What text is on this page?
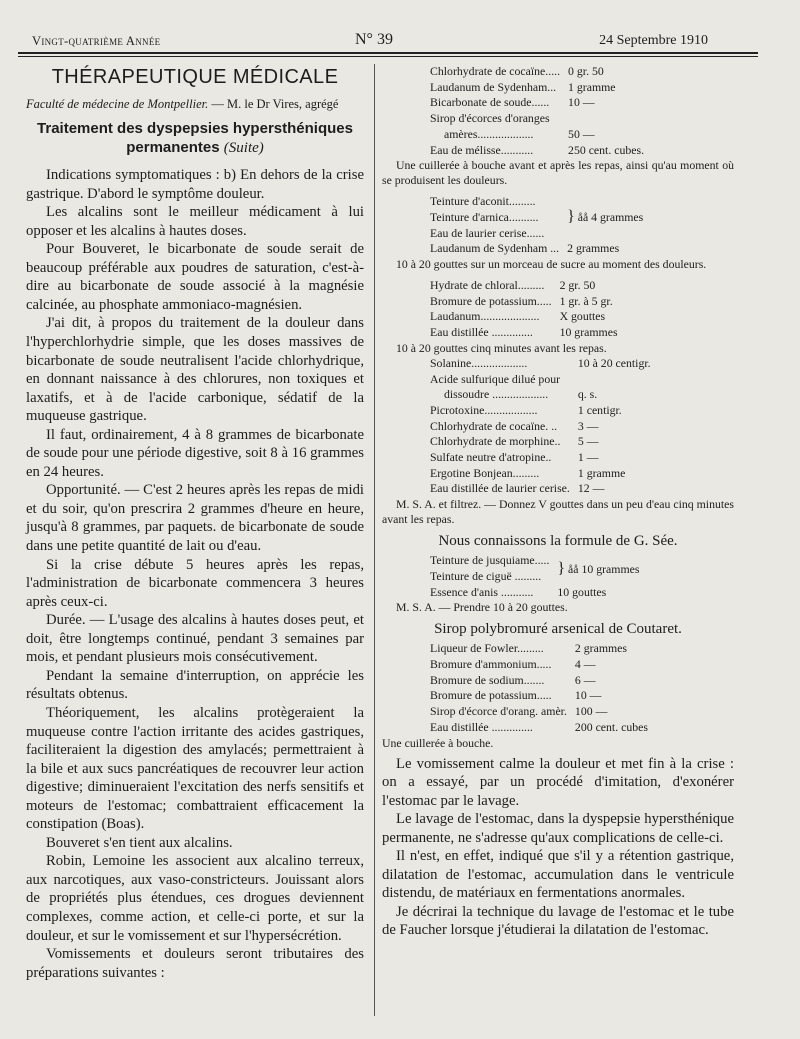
Vingt-quatrième Année	N° 39	24 Septembre 1910
THÉRAPEUTIQUE MÉDICALE
Faculté de médecine de Montpellier. — M. le Dr Vires, agrégé
Traitement des dyspepsies hypersthéniques permanentes (Suite)

Indications symptomatiques : b) En dehors de la crise gastrique. D'abord le symptôme douleur.

Les alcalins sont le meilleur médicament à lui opposer et les alcalins à hautes doses.

Pour Bouveret, le bicarbonate de soude serait de beaucoup préférable aux poudres de saturation, c'est-à-dire au bicarbonate de soude associé à la magnésie calcinée, au phosphate ammoniaco-magnésien.

J'ai dit, à propos du traitement de la douleur dans l'hyperchlorhydrie simple, que les doses massives de bicarbonate de soude neutralisent l'acide chlorhydrique, en donnant naissance à des chlorures, non toxiques et laxatifs, et à de l'acide carbonique, sédatif de la muqueuse gastrique.

Il faut, ordinairement, 4 à 8 grammes de bicarbonate de soude pour une période digestive, soit 8 à 16 grammes en 24 heures.

Opportunité. — C'est 2 heures après les repas de midi et du soir, qu'on prescrira 2 grammes d'heure en heure, jusqu'à 8 grammes, par paquets. de bicarbonate de soude dans une petite quantité de lait ou d'eau.

Si la crise débute 5 heures après les repas, l'administration de bicarbonate commencera 3 heures après ceux-ci.

Durée. — L'usage des alcalins à hautes doses peut, et doit, être longtemps continué, pendant 3 semaines par mois, et pendant plusieurs mois consécutivement.

Pendant la semaine d'interruption, on apprécie les résultats obtenus.

Théoriquement, les alcalins protègeraient la muqueuse contre l'action irritante des acides gastriques, faciliteraient la digestion des amylacés; permettraient à la bile et aux sucs pancréatiques de recouvrer leur action digestive; diminueraient l'excitation des nerfs sensitifs et moteurs de l'estomac; combattraient efficacement la constipation (Boas).

Bouveret s'en tient aux alcalins.

Robin, Lemoine les associent aux alcalino terreux, aux narcotiques, aux vaso-constricteurs. Jouissant alors de propriétés plus étendues, ces drogues deviennent complexes, comme action, et celle-ci porte, et sur la douleur, et sur le vomissement et sur l'hypersécrétion.

Vomissements et douleurs seront tributaires des préparations suivantes :

Chlorhydrate de cocaïne.....	0 gr. 50
Laudanum de Sydenham...	1 gramme
Bicarbonate de soude......	10 —
Sirop d'écorces d'oranges	
amères...................	50 —
Eau de mélisse...........	250 cent. cubes.

Une cuillerée à bouche avant et après les repas, ainsi qu'au moment où se produisent les douleurs.

Teinture d'aconit.........	} åå 4 grammes
Teinture d'arnica..........	
Eau de laurier cerise......	
Laudanum de Sydenham ...	2 grammes

10 à 20 gouttes sur un morceau de sucre au moment des douleurs.

Hydrate de chloral.........	2 gr. 50
Bromure de potassium.....	1 gr. à 5 gr.
Laudanum....................	X gouttes
Eau distillée ..............	10 grammes

10 à 20 gouttes cinq minutes avant les repas.

Solanine...................	10 à 20 centigr.
Acide sulfurique dilué pour	
dissoudre ...................	q. s.
Picrotoxine..................	1 centigr.
Chlorhydrate de cocaïne. ..	3 —
Chlorhydrate de morphine..	5 —
Sulfate neutre d'atropine..	1 —
Ergotine Bonjean.........	1 gramme
Eau distillée de laurier cerise.	12 —

M. S. A. et filtrez. — Donnez V gouttes dans un peu d'eau cinq minutes avant les repas.

Nous connaissons la formule de G. Sée.
Teinture de jusquiame.....	} åå 10 grammes
Teinture de ciguë .........	
Essence d'anis ...........	10 gouttes

M. S. A. — Prendre 10 à 20 gouttes.

Sirop polybromuré arsenical de Coutaret.
Liqueur de Fowler.........	2 grammes
Bromure d'ammonium.....	4 —
Bromure de sodium.......	6 —
Bromure de potassium.....	10 —
Sirop d'écorce d'orang. amèr.	100 —
Eau distillée ..............	200 cent. cubes

Une cuillerée à bouche.

Le vomissement calme la douleur et met fin à la crise : on a essayé, par un procédé d'imitation, d'exonérer l'estomac par le lavage.

Le lavage de l'estomac, dans la dyspepsie hypersthénique permanente, ne s'adresse qu'aux complications de celle-ci.

Il n'est, en effet, indiqué que s'il y a rétention gastrique, dilatation de l'estomac, accumulation dans le ventricule distendu, de matériaux en fermentations anormales.

Je décrirai la technique du lavage de l'estomac et le tube de Faucher lorsque j'étudierai la dilatation de l'estomac.
